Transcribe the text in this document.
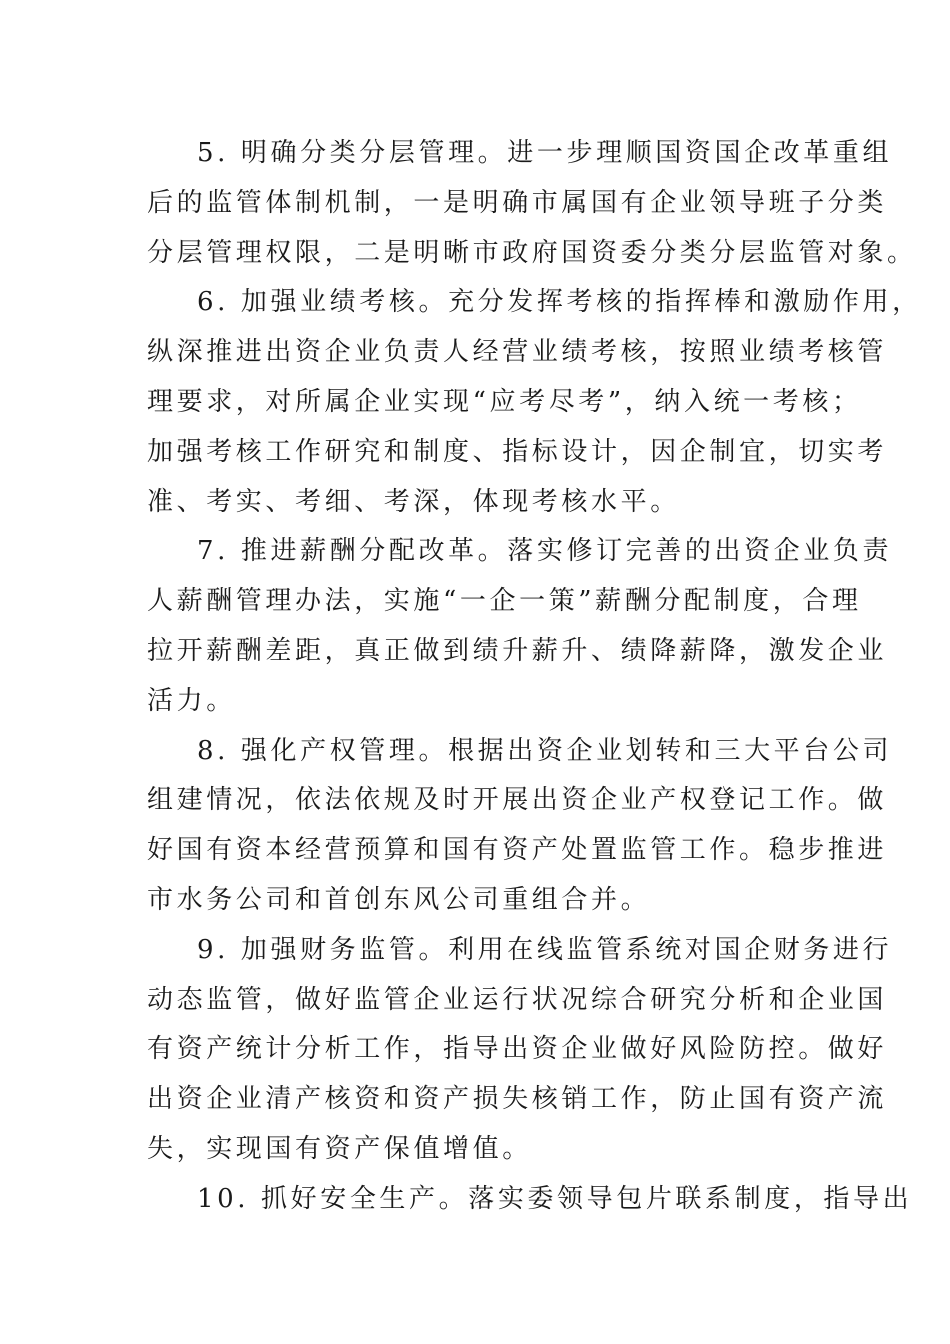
5. 明确分类分层管理。进一步理顺国资国企改革重组
后的监管体制机制，一是明确市属国有企业领导班子分类
分层管理权限，二是明晰市政府国资委分类分层监管对象。
6. 加强业绩考核。充分发挥考核的指挥棒和激励作用，
纵深推进出资企业负责人经营业绩考核，按照业绩考核管
理要求，对所属企业实现“应考尽考”，纳入统一考核；
加强考核工作研究和制度、指标设计，因企制宜，切实考
准、考实、考细、考深，体现考核水平。
7. 推进薪酬分配改革。落实修订完善的出资企业负责
人薪酬管理办法，实施“一企一策”薪酬分配制度，合理
拉开薪酬差距，真正做到绩升薪升、绩降薪降，激发企业
活力。
8. 强化产权管理。根据出资企业划转和三大平台公司
组建情况，依法依规及时开展出资企业产权登记工作。做
好国有资本经营预算和国有资产处置监管工作。稳步推进
市水务公司和首创东风公司重组合并。
9. 加强财务监管。利用在线监管系统对国企财务进行
动态监管，做好监管企业运行状况综合研究分析和企业国
有资产统计分析工作，指导出资企业做好风险防控。做好
出资企业清产核资和资产损失核销工作，防止国有资产流
失，实现国有资产保值增值。
10. 抓好安全生产。落实委领导包片联系制度，指导出
